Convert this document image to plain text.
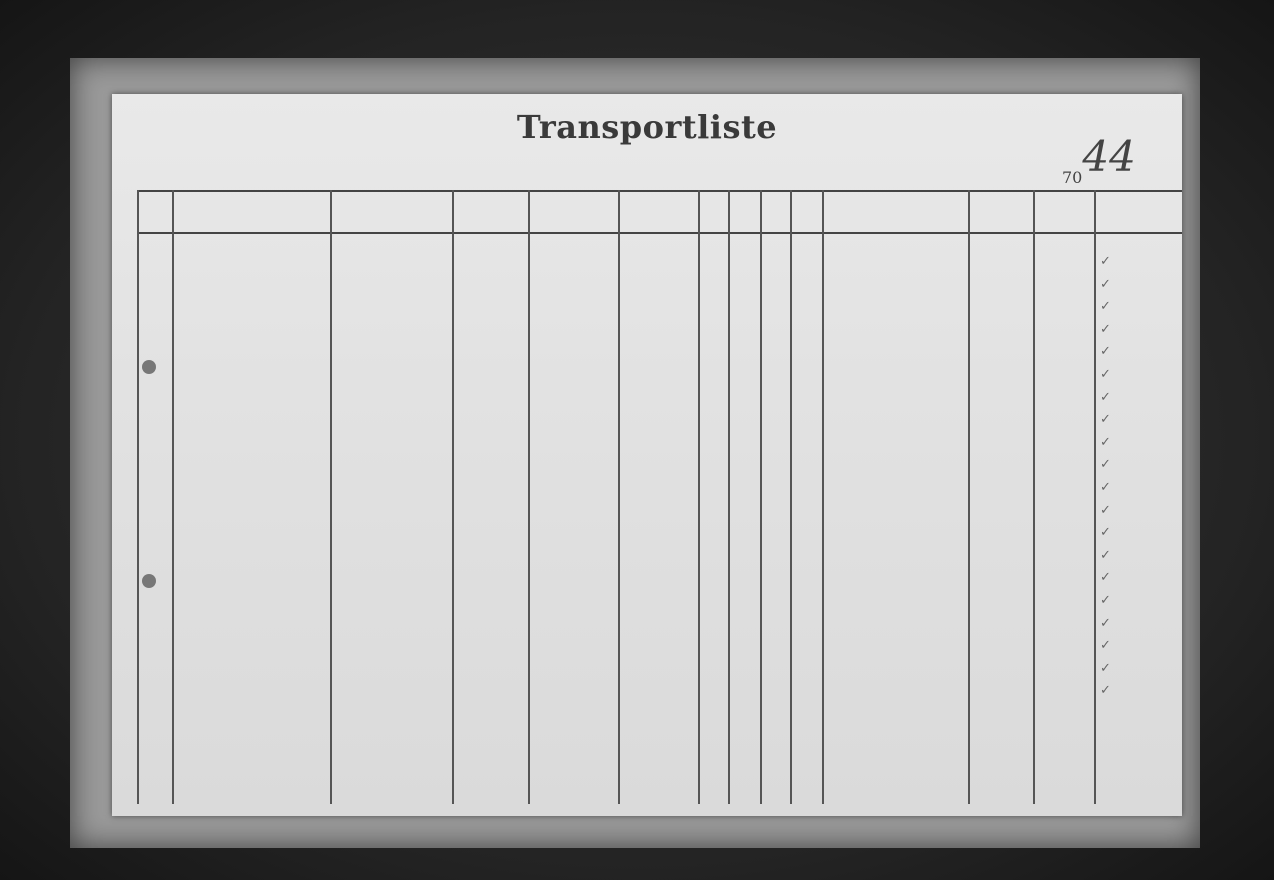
Transportliste
7044
✓
✓
✓
✓
✓
✓
✓
✓
✓
✓
✓
✓
✓
✓
✓
✓
✓
✓
✓
✓
